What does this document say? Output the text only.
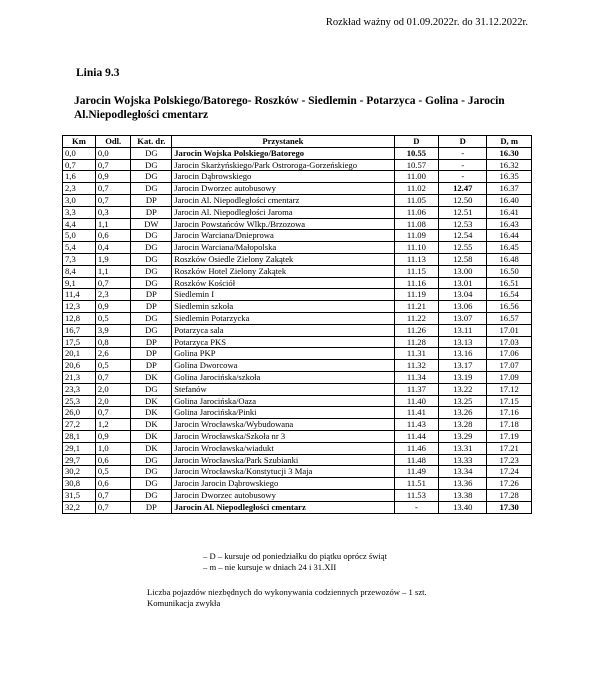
Rozkład ważny od 01.09.2022r. do 31.12.2022r.
Linia 9.3
Jarocin Wojska Polskiego/Batorego- Roszków - Siedlemin - Potarzyca - Golina - Jarocin Al.Niepodległości cmentarz
Km	Odl.	Kat. dr.	Przystanek	D	D	D, m
0,0	0,0	DG	Jarocin Wojska Polskiego/Batorego	10.55	-	16.30
0,7	0,7	DG	Jarocin Skarżyńskiego/Park Ostroroga-Gorzeńskiego	10.57	-	16.32
1,6	0,9	DG	Jarocin Dąbrowskiego	11.00	-	16.35
2,3	0,7	DG	Jarocin Dworzec autobusowy	11.02	12.47	16.37
3,0	0,7	DP	Jarocin Al. Niepodległości cmentarz	11.05	12.50	16.40
3,3	0,3	DP	Jarocin Al. Niepodległości Jaroma	11.06	12.51	16.41
4,4	1,1	DW	Jarocin Powstańców Wlkp./Brzozowa	11.08	12.53	16.43
5,0	0,6	DG	Jarocin Warciana/Dnieprowa	11.09	12.54	16.44
5,4	0,4	DG	Jarocin Warciana/Małopolska	11.10	12.55	16.45
7,3	1,9	DG	Roszków Osiedle Zielony Zakątek	11.13	12.58	16.48
8,4	1,1	DG	Roszków Hotel Zielony Zakątek	11.15	13.00	16.50
9,1	0,7	DG	Roszków Kościół	11.16	13.01	16.51
11,4	2,3	DP	Siedlemin I	11.19	13.04	16.54
12,3	0,9	DP	Siedlemin szkoła	11.21	13.06	16.56
12,8	0,5	DG	Siedlemin Potarzycka	11.22	13.07	16.57
16,7	3,9	DG	Potarzyca sala	11.26	13.11	17.01
17,5	0,8	DP	Potarzyca PKS	11.28	13.13	17.03
20,1	2,6	DP	Golina PKP	11.31	13.16	17.06
20,6	0,5	DP	Golina Dworcowa	11.32	13.17	17.07
21,3	0,7	DK	Golina Jarocińska/szkoła	11.34	13.19	17.09
23,3	2,0	DG	Stefanów	11.37	13.22	17.12
25,3	2,0	DK	Golina Jarocińska/Oaza	11.40	13.25	17.15
26,0	0,7	DK	Golina Jarocińska/Pinki	11.41	13.26	17.16
27,2	1,2	DK	Jarocin Wrocławska/Wybudowana	11.43	13.28	17.18
28,1	0,9	DK	Jarocin Wrocławska/Szkoła nr 3	11.44	13.29	17.19
29,1	1,0	DK	Jarocin Wrocławska/wiadukt	11.46	13.31	17.21
29,7	0,6	DG	Jarocin Wrocławska/Park Szubianki	11.48	13.33	17.23
30,2	0,5	DG	Jarocin Wrocławska/Konstytucji 3 Maja	11.49	13.34	17.24
30,8	0,6	DG	Jarocin Jarocin Dąbrowskiego	11.51	13.36	17.26
31,5	0,7	DG	Jarocin Dworzec autobusowy	11.53	13.38	17.28
32,2	0,7	DP	Jarocin Al. Niepodległości cmentarz	-	13.40	17.30
– D – kursuje od poniedziałku do piątku oprócz świąt
– m – nie kursuje w dniach 24 i 31.XII
Liczba pojazdów niezbędnych do wykonywania codziennych przewozów – 1 szt.
Komunikacja zwykła
